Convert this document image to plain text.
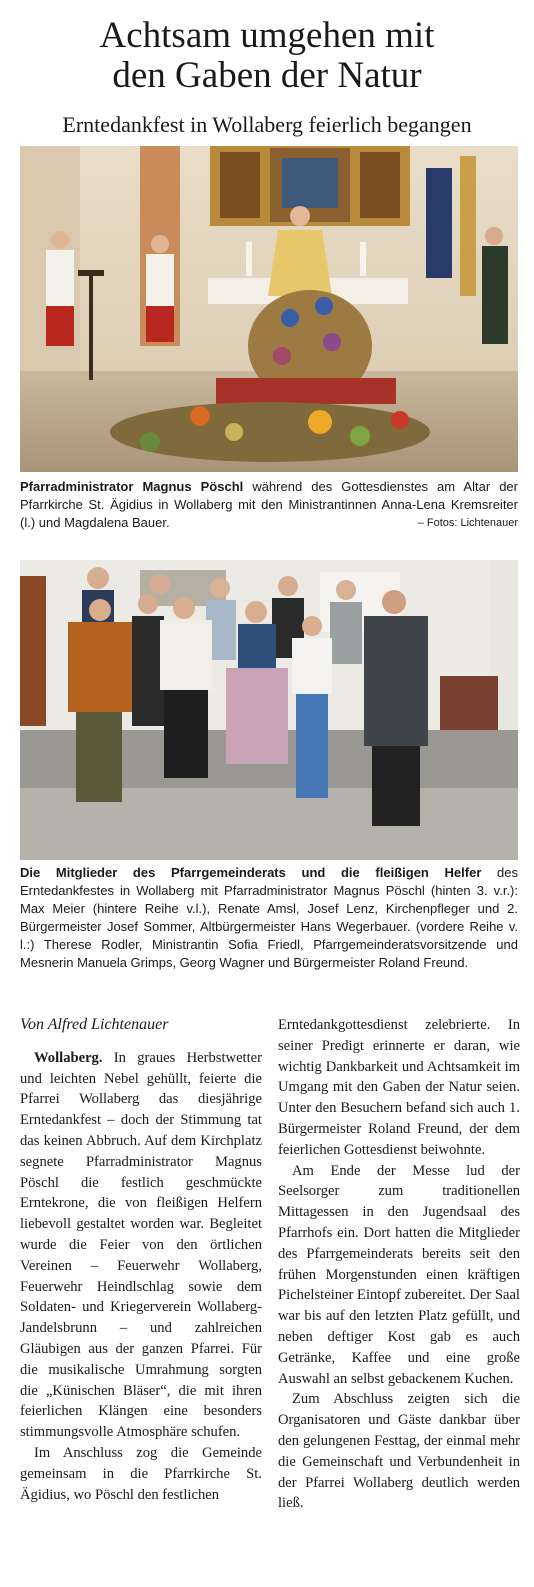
Achtsam umgehen mit
den Gaben der Natur
Erntedankfest in Wollaberg feierlich begangen
Pfarradministrator Magnus Pöschl während des Gottesdienstes am Altar der Pfarrkirche St. Ägidius in Wollaberg mit den Ministrantinnen Anna-Lena Kremsreiter (l.) und Magdalena Bauer.	– Fotos: Lichtenauer
Die Mitglieder des Pfarrgemeinderats und die fleißigen Helfer des Erntedankfestes in Wollaberg mit Pfarradministrator Magnus Pöschl (hinten 3. v.r.): Max Meier (hintere Reihe v.l.), Renate Amsl, Josef Lenz, Kirchenpfleger und 2. Bürgermeister Josef Sommer, Altbürgermeister Hans Wegerbauer. (vordere Reihe v. l.:) Therese Rodler, Ministrantin Sofia Friedl, Pfarrgemeinderatsvorsitzende und Mesnerin Manuela Grimps, Georg Wagner und Bürgermeister Roland Freund.
Von Alfred Lichtenauer

Wollaberg. In graues Herbstwetter und leichten Nebel gehüllt, feierte die Pfarrei Wollaberg das diesjährige Erntedankfest – doch der Stimmung tat das keinen Abbruch. Auf dem Kirchplatz segnete Pfarradministrator Magnus Pöschl die festlich geschmückte Erntekrone, die von fleißigen Helfern liebevoll gestaltet worden war. Begleitet wurde die Feier von den örtlichen Vereinen – Feuerwehr Wollaberg, Feuerwehr Heindlschlag sowie dem Soldaten- und Kriegerverein Wollaberg-Jandelsbrunn – und zahlreichen Gläubigen aus der ganzen Pfarrei. Für die musikalische Umrahmung sorgten die „Künischen Bläser“, die mit ihren feierlichen Klängen eine besonders stimmungsvolle Atmosphäre schufen.

Im Anschluss zog die Gemeinde gemeinsam in die Pfarrkirche St. Ägidius, wo Pöschl den festlichen

Erntedankgottesdienst zelebrierte. In seiner Predigt erinnerte er daran, wie wichtig Dankbarkeit und Achtsamkeit im Umgang mit den Gaben der Natur seien. Unter den Besuchern befand sich auch 1. Bürgermeister Roland Freund, der dem feierlichen Gottesdienst beiwohnte.

Am Ende der Messe lud der Seelsorger zum traditionellen Mittagessen in den Jugendsaal des Pfarrhofs ein. Dort hatten die Mitglieder des Pfarrgemeinderats bereits seit den frühen Morgenstunden einen kräftigen Pichelsteiner Eintopf zubereitet. Der Saal war bis auf den letzten Platz gefüllt, und neben deftiger Kost gab es auch Getränke, Kaffee und eine große Auswahl an selbst gebackenem Kuchen.

Zum Abschluss zeigten sich die Organisatoren und Gäste dankbar über den gelungenen Festtag, der einmal mehr die Gemeinschaft und Verbundenheit in der Pfarrei Wollaberg deutlich werden ließ.
